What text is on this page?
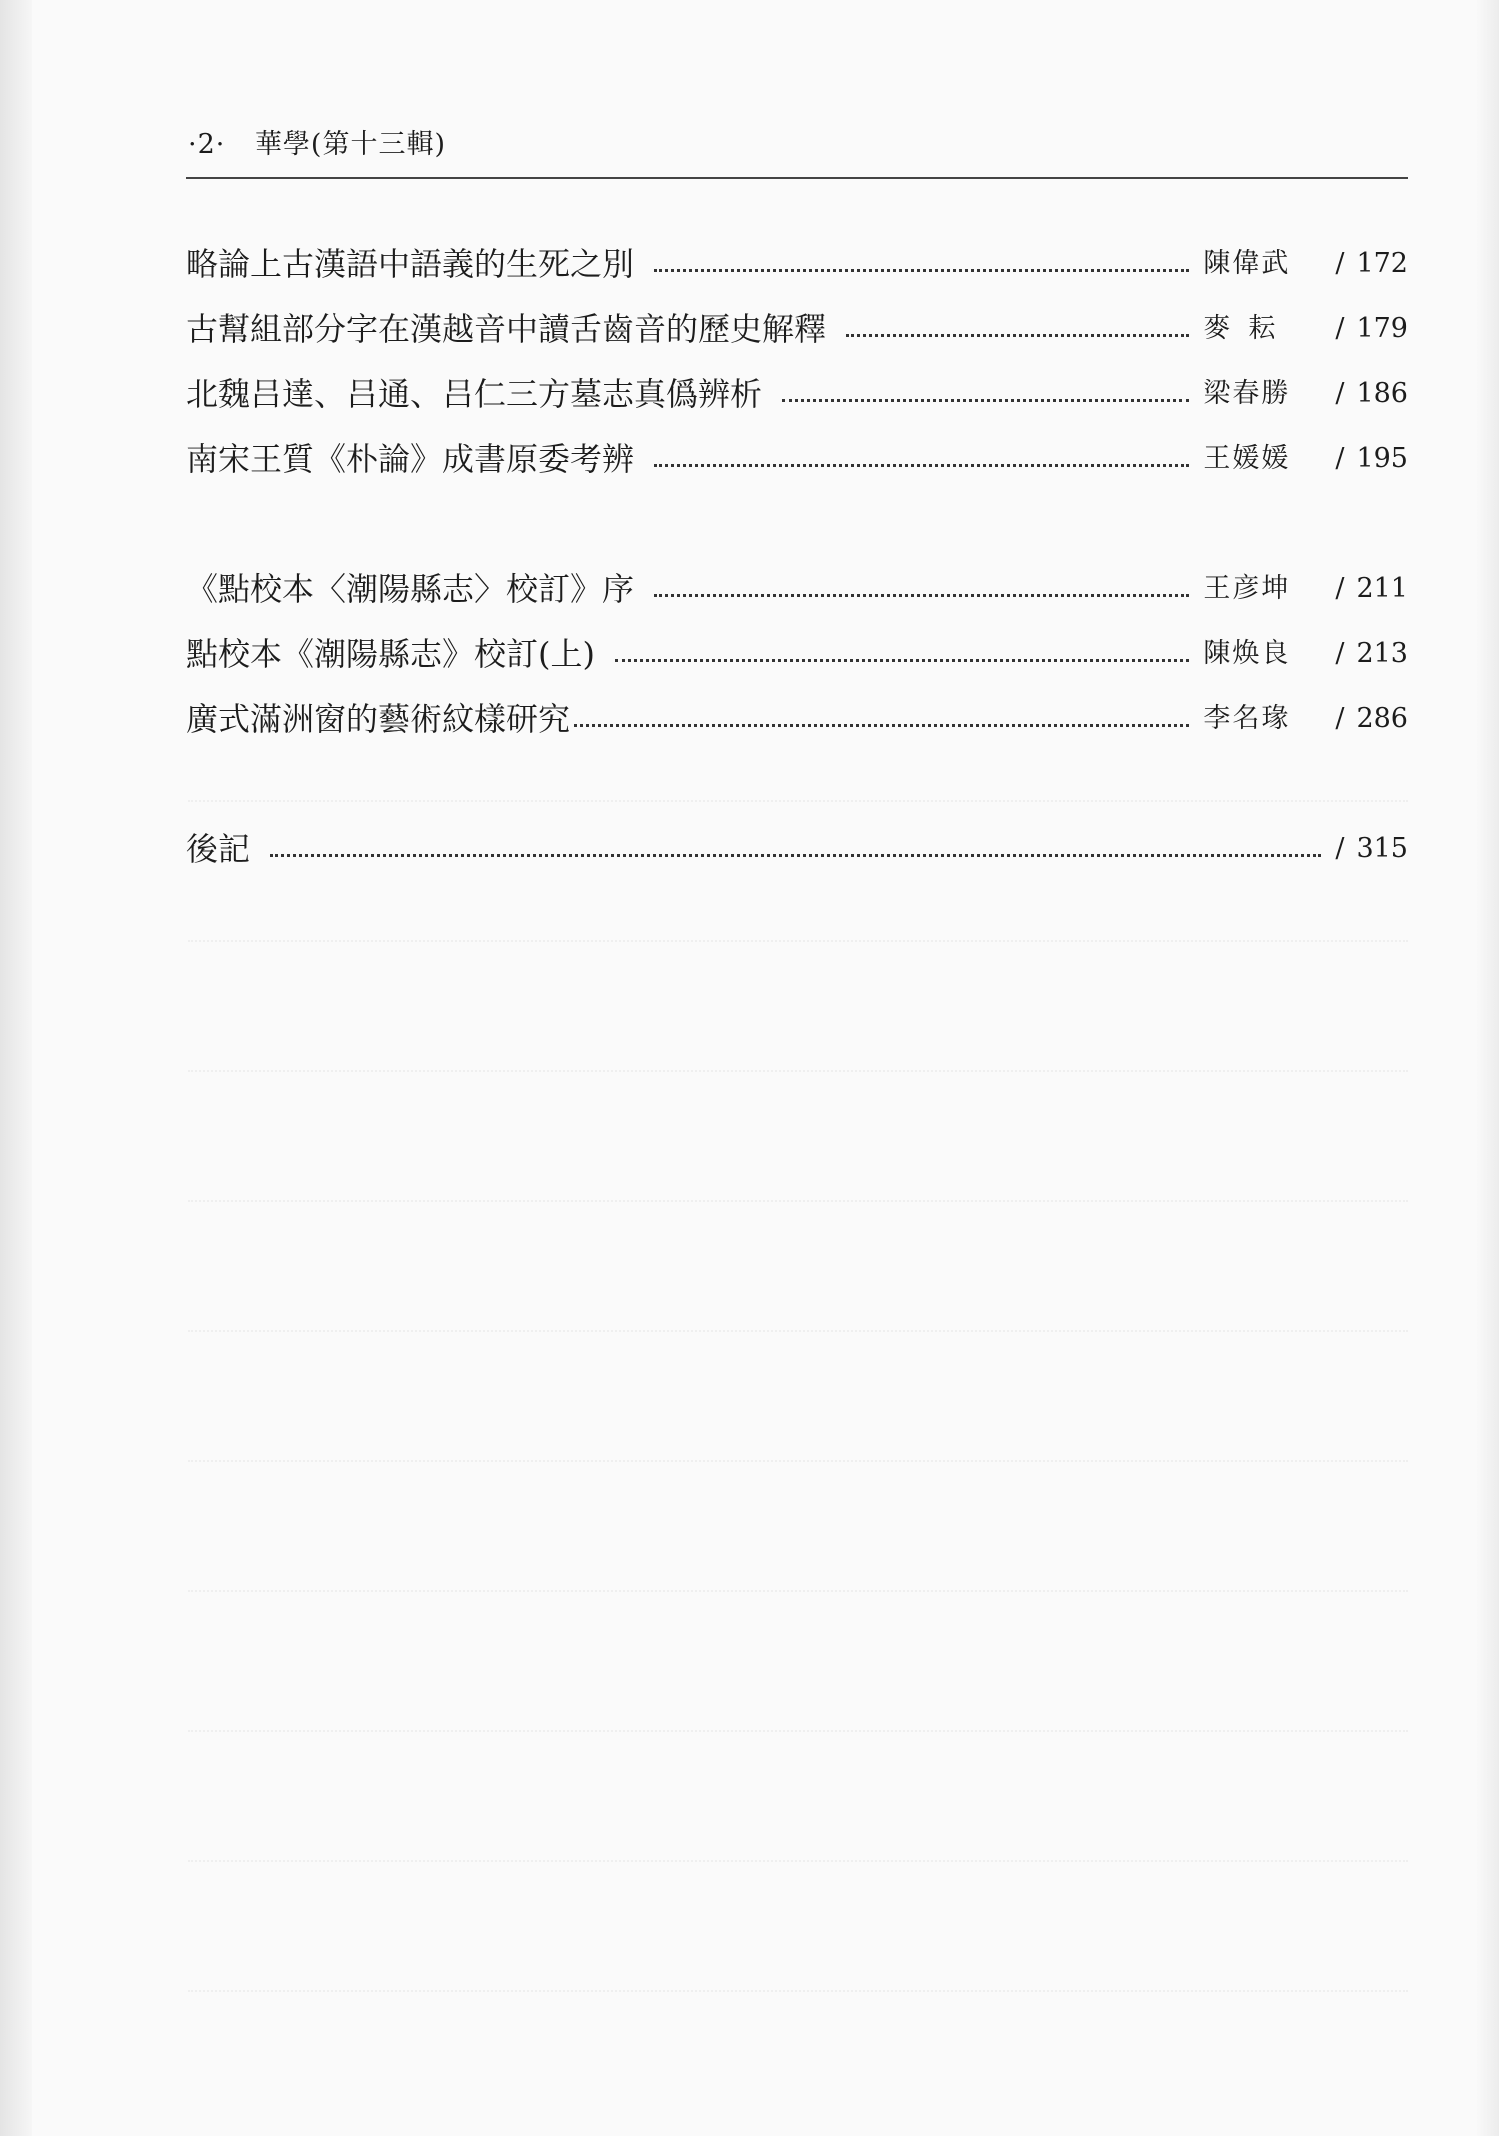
·2· 華學(第十三輯)
略論上古漢語中語義的生死之別	陳偉武	/ 172
古幫組部分字在漢越音中讀舌齒音的歷史解釋	麥耘	/ 179
北魏吕達、吕通、吕仁三方墓志真僞辨析	梁春勝	/ 186
南宋王質《朴論》成書原委考辨	王媛媛	/ 195
《點校本〈潮陽縣志〉校訂》序	王彦坤	/ 211
點校本《潮陽縣志》校訂(上)	陳焕良	/ 213
廣式滿洲窗的藝術紋樣研究	李名瑑	/ 286
後記	/ 315
